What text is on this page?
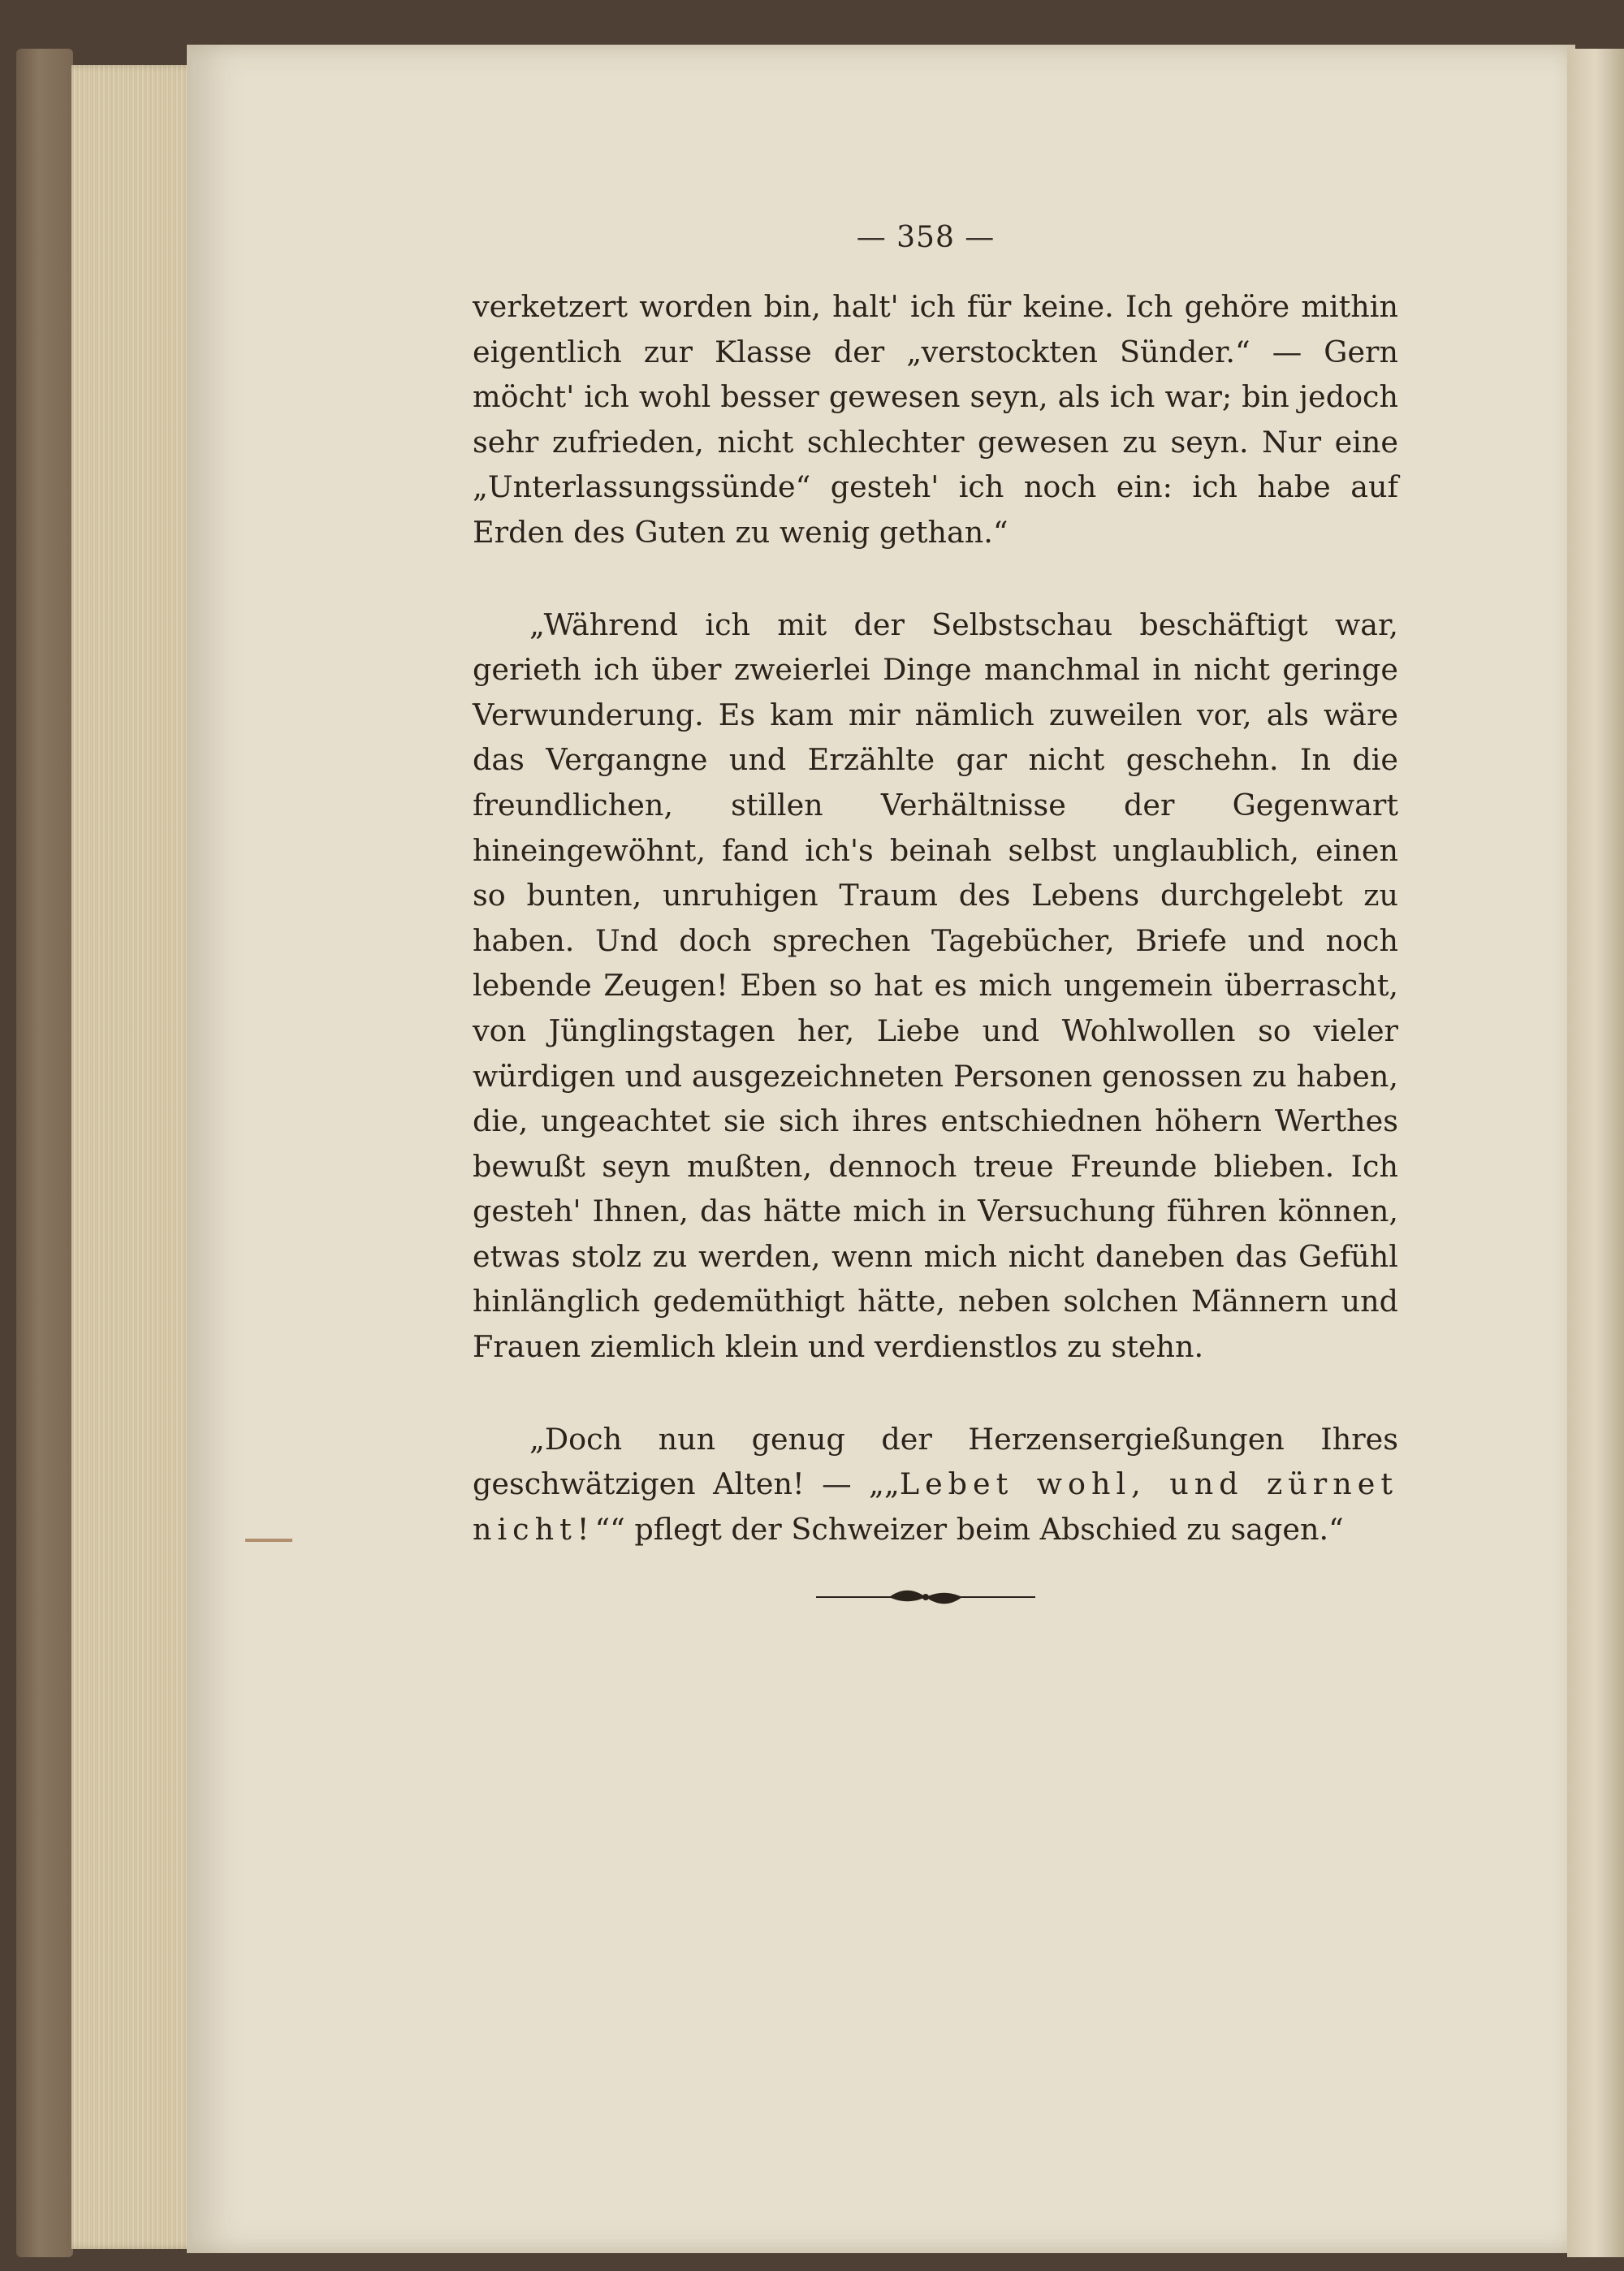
— 358 —

verketzert worden bin, halt' ich für keine. Ich gehöre mithin eigentlich zur Klasse der „verstockten Sünder.“ — Gern möcht' ich wohl besser gewesen seyn, als ich war; bin jedoch sehr zufrieden, nicht schlechter gewesen zu seyn. Nur eine „Unterlassungssünde“ gesteh' ich noch ein: ich habe auf Erden des Guten zu wenig gethan.“

„Während ich mit der Selbstschau beschäftigt war, gerieth ich über zweierlei Dinge manchmal in nicht geringe Verwunderung. Es kam mir nämlich zuweilen vor, als wäre das Vergangne und Erzählte gar nicht geschehn. In die freundlichen, stillen Verhältnisse der Gegenwart hineingewöhnt, fand ich's beinah selbst unglaublich, einen so bunten, unruhigen Traum des Lebens durchgelebt zu haben. Und doch sprechen Tagebücher, Briefe und noch lebende Zeugen! Eben so hat es mich ungemein überrascht, von Jünglingstagen her, Liebe und Wohlwollen so vieler würdigen und ausgezeichneten Personen genossen zu haben, die, ungeachtet sie sich ihres entschiednen höhern Werthes bewußt seyn mußten, dennoch treue Freunde blieben. Ich gesteh' Ihnen, das hätte mich in Versuchung führen können, etwas stolz zu werden, wenn mich nicht daneben das Gefühl hinlänglich gedemüthigt hätte, neben solchen Männern und Frauen ziemlich klein und verdienstlos zu stehn.

„Doch nun genug der Herzensergießungen Ihres geschwätzigen Alten! — „„Lebet wohl, und zürnet nicht!““ pflegt der Schweizer beim Abschied zu sagen.“
